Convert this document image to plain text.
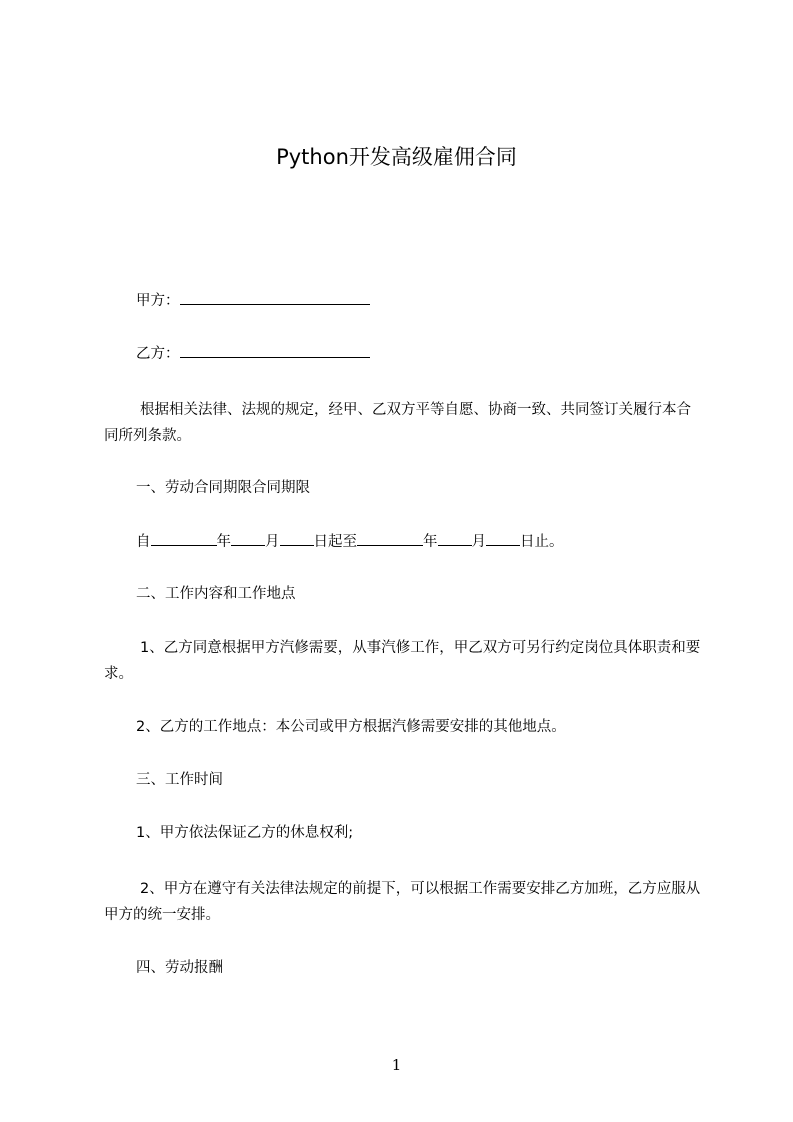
Python开发高级雇佣合同
甲方：
乙方：
根据相关法律、法规的规定，经甲、乙双方平等自愿、协商一致、共同签订关履行本合同所列条款。
一、劳动合同期限合同期限
自	年 月 日起至	年 月 日止。
二、工作内容和工作地点
1、乙方同意根据甲方汽修需要，从事汽修工作，甲乙双方可另行约定岗位具体职责和要求。
2、乙方的工作地点：本公司或甲方根据汽修需要安排的其他地点。
三、工作时间
1、甲方依法保证乙方的休息权利;
2、甲方在遵守有关法律法规定的前提下，可以根据工作需要安排乙方加班，乙方应服从甲方的统一安排。
四、劳动报酬
1
